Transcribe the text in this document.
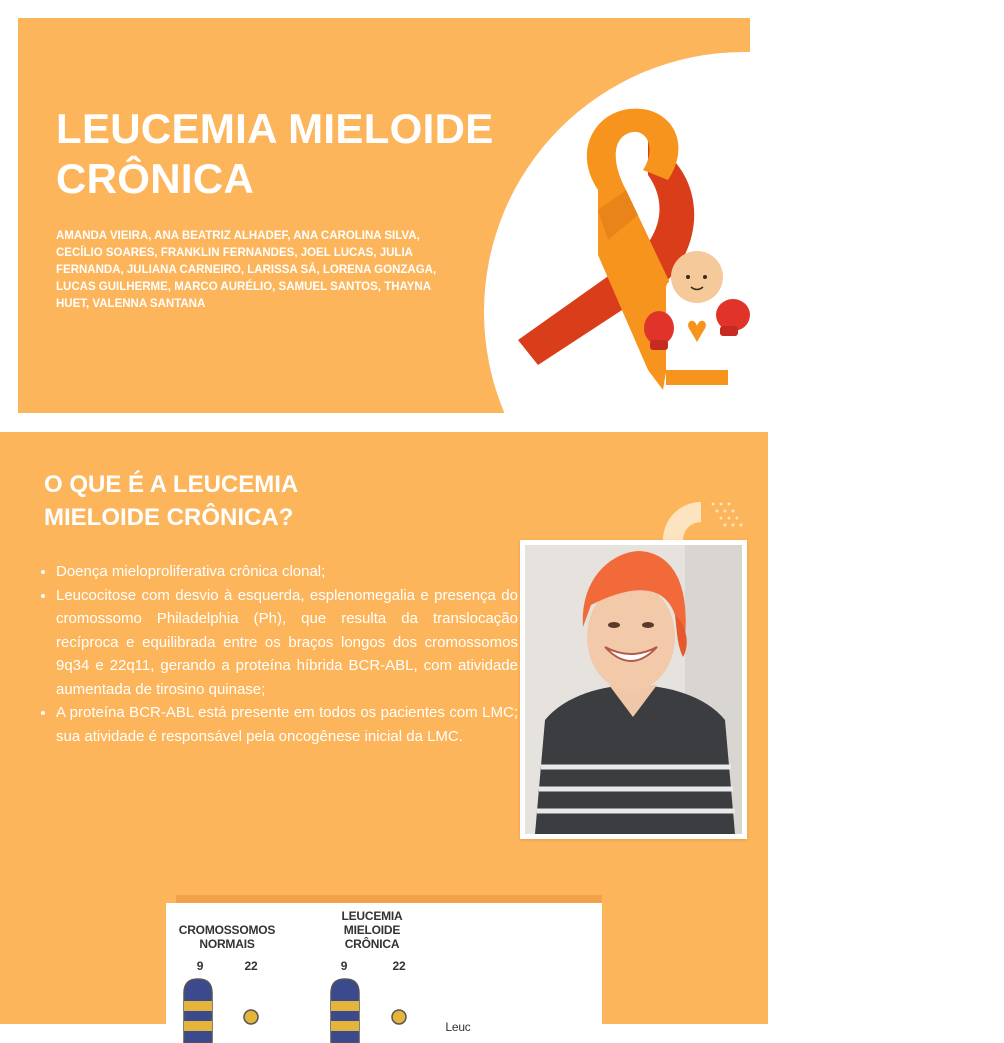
LEUCEMIA MIELOIDE CRÔNICA
AMANDA VIEIRA, ANA BEATRIZ ALHADEF, ANA CAROLINA SILVA, CECÍLIO SOARES, FRANKLIN FERNANDES, JOEL LUCAS, JULIA FERNANDA, JULIANA CARNEIRO, LARISSA SÁ, LORENA GONZAGA, LUCAS GUILHERME, MARCO AURÉLIO, SAMUEL SANTOS, THAYNA HUET, VALENNA SANTANA
O QUE É A LEUCEMIA MIELOIDE CRÔNICA?
• Doença mieloproliferativa crônica clonal;
• Leucocitose com desvio à esquerda, esplenomegalia e presença do cromossomo Philadelphia (Ph), que resulta da translocação recíproca e equilibrada entre os braços longos dos cromossomos 9q34 e 22q11, gerando a proteína híbrida BCR-ABL, com atividade aumentada de tirosino quinase;
• A proteína BCR-ABL está presente em todos os pacientes com LMC; sua atividade é responsável pela oncogênese inicial da LMC.
CROMOSSOMOS NORMAIS
LEUCEMIA MIELOIDE CRÔNICA
9	22	9	22
Leuc
